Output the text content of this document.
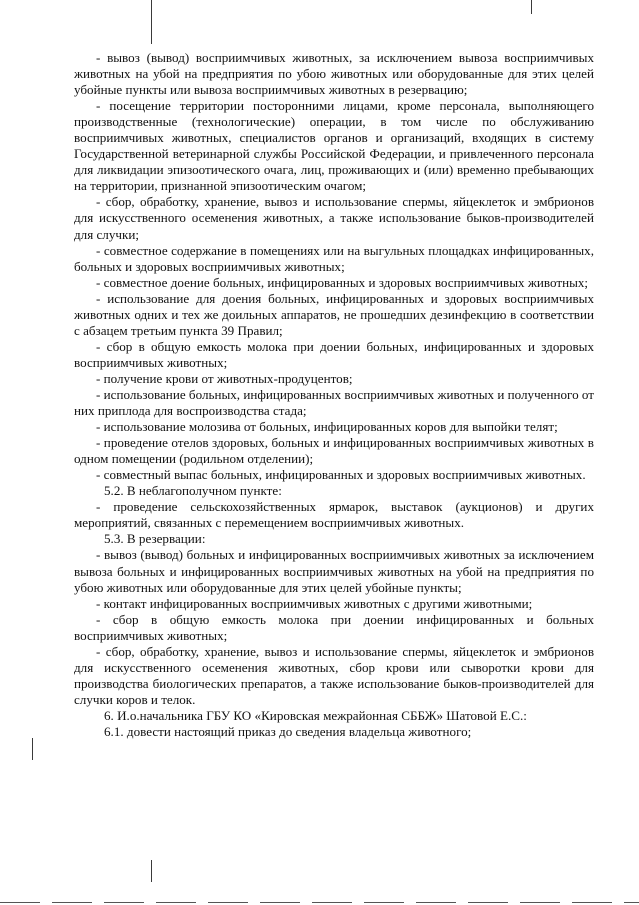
- вывоз (вывод) восприимчивых животных, за исключением вывоза восприимчивых животных на убой на предприятия по убою животных или оборудованные для этих целей убойные пункты или вывоза восприимчивых животных в резервацию;

- посещение территории посторонними лицами, кроме персонала, выполняющего производственные (технологические) операции, в том числе по обслуживанию восприимчивых животных, специалистов органов и организаций, входящих в систему Государственной ветеринарной службы Российской Федерации, и привлеченного персонала для ликвидации эпизоотического очага, лиц, проживающих и (или) временно пребывающих на территории, признанной эпизоотическим очагом;

- сбор, обработку, хранение, вывоз и использование спермы, яйцеклеток и эмбрионов для искусственного осеменения животных, а также использование быков-производителей для случки;

- совместное содержание в помещениях или на выгульных площадках инфицированных, больных и здоровых восприимчивых животных;

- совместное доение больных, инфицированных и здоровых восприимчивых животных;

- использование для доения больных, инфицированных и здоровых восприимчивых животных одних и тех же доильных аппаратов, не прошедших дезинфекцию в соответствии с абзацем третьим пункта 39 Правил;

- сбор в общую емкость молока при доении больных, инфицированных и здоровых восприимчивых животных;

- получение крови от животных-продуцентов;

- использование больных, инфицированных восприимчивых животных и полученного от них приплода для воспроизводства стада;

- использование молозива от больных, инфицированных коров для выпойки телят;

- проведение отелов здоровых, больных и инфицированных восприимчивых животных в одном помещении (родильном отделении);

- совместный выпас больных, инфицированных и здоровых восприимчивых животных.

5.2. В неблагополучном пункте:

- проведение сельскохозяйственных ярмарок, выставок (аукционов) и других мероприятий, связанных с перемещением восприимчивых животных.

5.3. В резервации:

- вывоз (вывод) больных и инфицированных восприимчивых животных за исключением вывоза больных и инфицированных восприимчивых животных на убой на предприятия по убою животных или оборудованные для этих целей убойные пункты;

- контакт инфицированных восприимчивых животных с другими животными;

- сбор в общую емкость молока при доении инфицированных и больных восприимчивых животных;

- сбор, обработку, хранение, вывоз и использование спермы, яйцеклеток и эмбрионов для искусственного осеменения животных, сбор крови или сыворотки крови для производства биологических препаратов, а также использование быков-производителей для случки коров и телок.

6. И.о.начальника ГБУ КО «Кировская межрайонная СББЖ» Шатовой Е.С.:

6.1. довести настоящий приказ до сведения владельца животного;
